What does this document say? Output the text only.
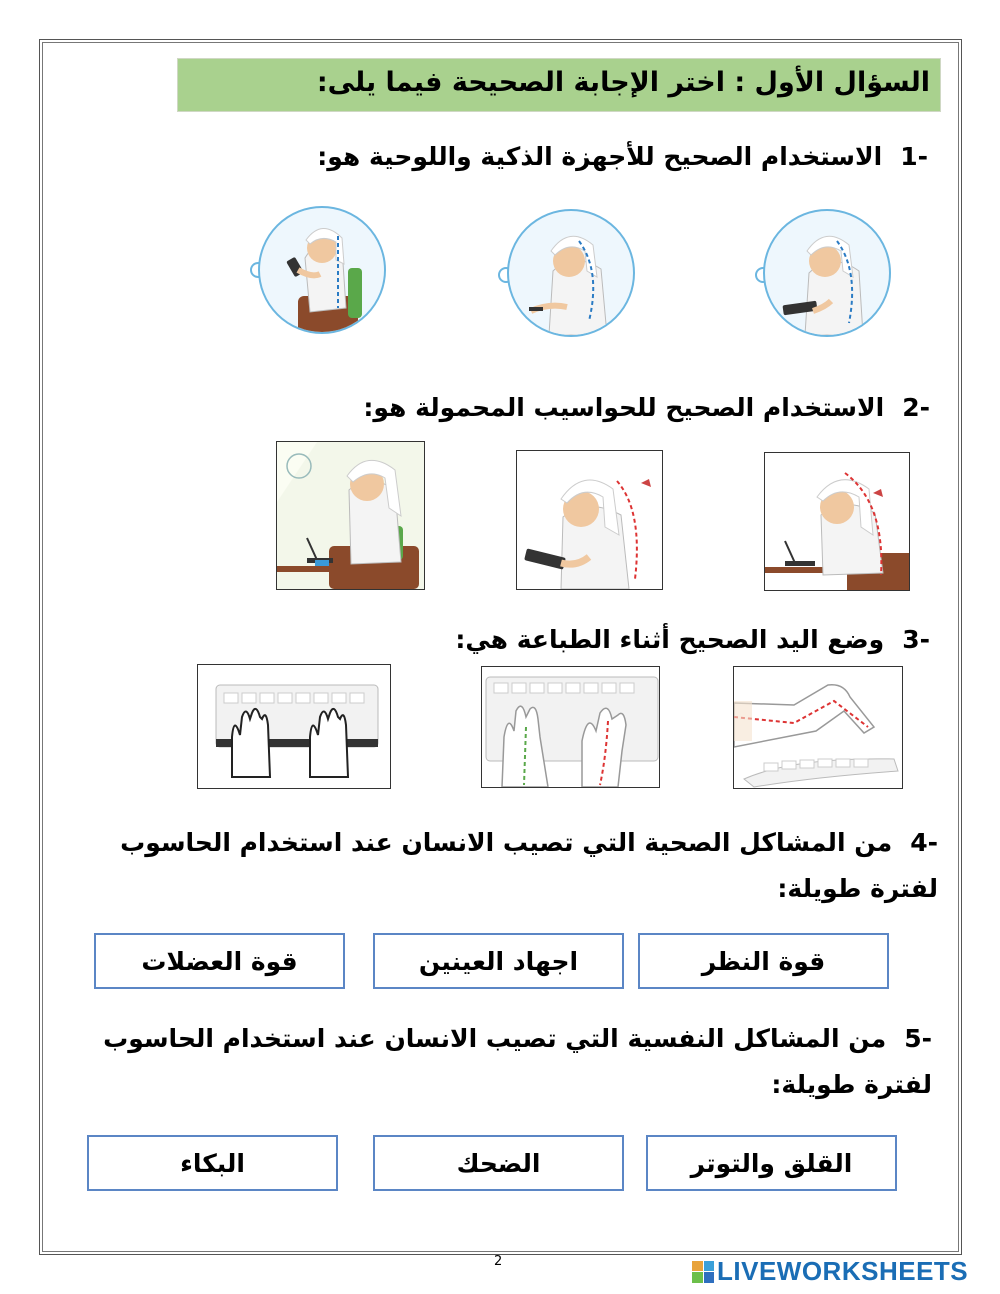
السؤال الأول : اختر الإجابة الصحيحة فيما يلى:
-1الاستخدام الصحيح للأجهزة الذكية واللوحية هو:
-2الاستخدام الصحيح للحواسيب المحمولة هو:
-3وضع اليد الصحيح أثناء الطباعة هي:
-4من المشاكل الصحية التي تصيب الانسان عند استخدام الحاسوب لفترة طويلة:
قوة النظر
اجهاد العينين
قوة العضلات
-5من المشاكل النفسية التي تصيب الانسان عند استخدام الحاسوب لفترة طويلة:
القلق والتوتر
الضحك
البكاء
2	LIVEWORKSHEETS
